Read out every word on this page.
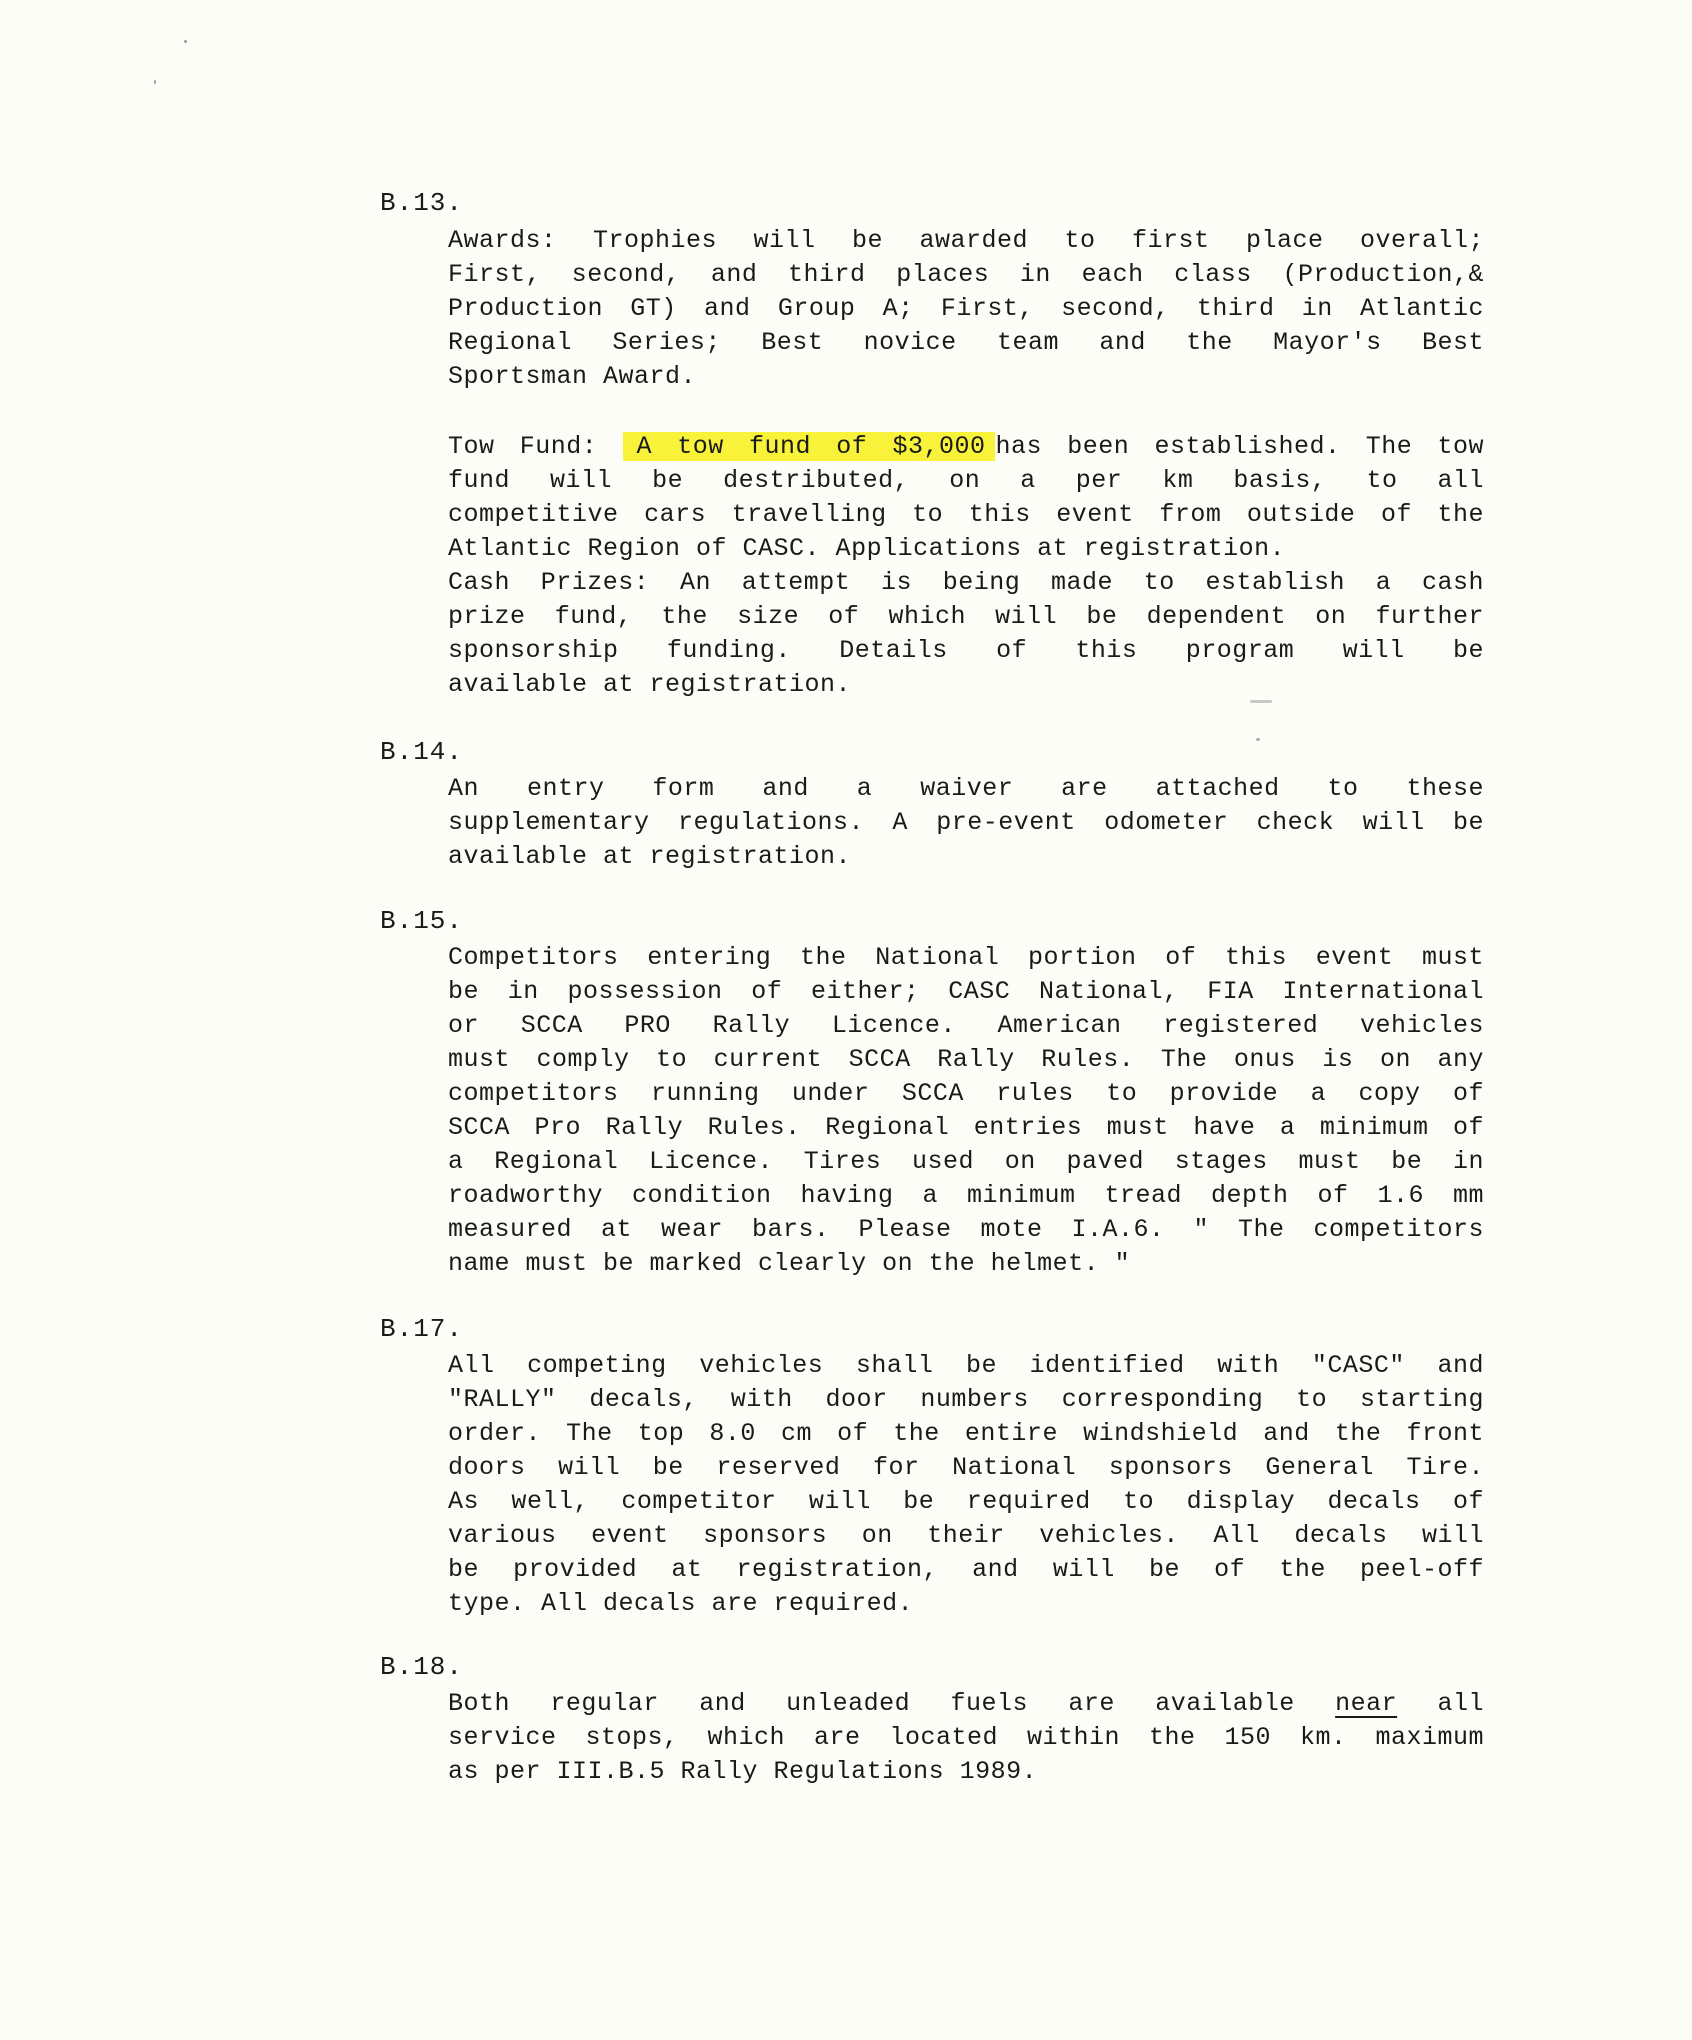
B.13.
Awards: Trophies will be awarded to first place overall;
First, second, and third places in each class (Production,&
Production GT) and Group A; First, second, third in Atlantic
Regional Series; Best novice team and the Mayor's Best
Sportsman Award.
Tow Fund: A tow fund of $3,000 has been established. The tow
fund will be destributed, on a per km basis, to all
competitive cars travelling to this event from outside of the
Atlantic Region of CASC. Applications at registration.
Cash Prizes: An attempt is being made to establish a cash
prize fund, the size of which will be dependent on further
sponsorship funding. Details of this program will be
available at registration.
B.14.
An entry form and a waiver are attached to these
supplementary regulations. A pre-event odometer check will be
available at registration.
B.15.
Competitors entering the National portion of this event must
be in possession of either; CASC National, FIA International
or SCCA PRO Rally Licence. American registered vehicles
must comply to current SCCA Rally Rules. The onus is on any
competitors running under SCCA rules to provide a copy of
SCCA Pro Rally Rules. Regional entries must have a minimum of
a Regional Licence. Tires used on paved stages must be in
roadworthy condition having a minimum tread depth of 1.6 mm
measured at wear bars. Please mote I.A.6. " The competitors
name must be marked clearly on the helmet. "
B.17.
All competing vehicles shall be identified with "CASC" and
"RALLY" decals, with door numbers corresponding to starting
order. The top 8.0 cm of the entire windshield and the front
doors will be reserved for National sponsors General Tire.
As well, competitor will be required to display decals of
various event sponsors on their vehicles. All decals will
be provided at registration, and will be of the peel-off
type. All decals are required.
B.18.
Both regular and unleaded fuels are available near all
service stops, which are located within the 150 km. maximum
as per III.B.5 Rally Regulations 1989.
